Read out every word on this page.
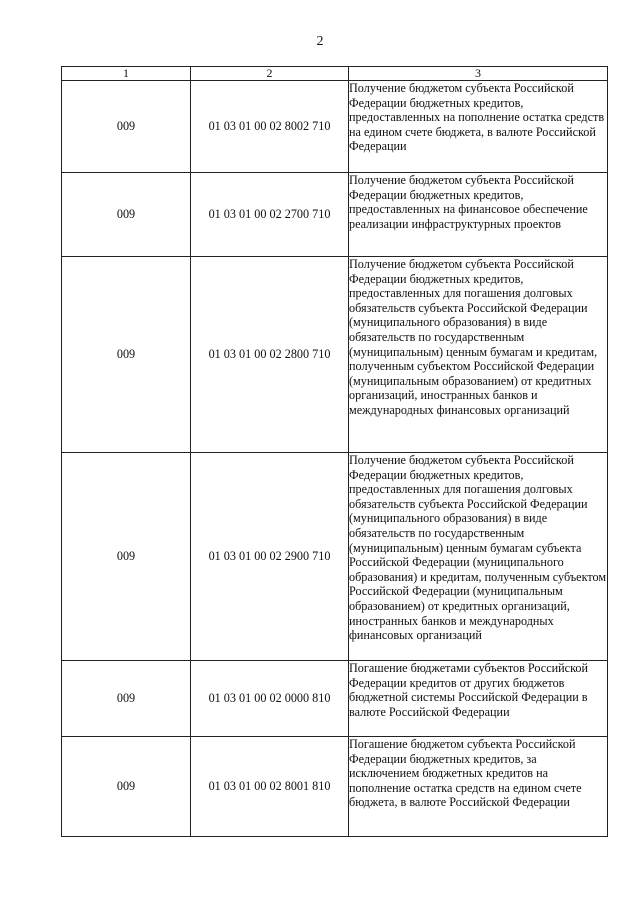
2
1	2	3
009	01 03 01 00 02 8002 710	Получение бюджетом субъекта Российской Федерации бюджетных кредитов, предоставленных на пополнение остатка средств на едином счете бюджета, в валюте Российской Федерации
009	01 03 01 00 02 2700 710	Получение бюджетом субъекта Российской Федерации бюджетных кредитов, предоставленных на финансовое обеспечение реализации инфраструктурных проектов
009	01 03 01 00 02 2800 710	Получение бюджетом субъекта Российской Федерации бюджетных кредитов, предоставленных для погашения долговых обязательств субъекта Российской Федерации (муниципального образования) в виде обязательств по государственным (муниципальным) ценным бумагам и кредитам, полученным субъектом Российской Федерации (муниципальным образованием) от кредитных организаций, иностранных банков и международных финансовых организаций
009	01 03 01 00 02 2900 710	Получение бюджетом субъекта Российской Федерации бюджетных кредитов, предоставленных для погашения долговых обязательств субъекта Российской Федерации (муниципального образования) в виде обязательств по государственным (муниципальным) ценным бумагам субъекта Российской Федерации (муниципального образования) и кредитам, полученным субъектом Российской Федерации (муниципальным образованием) от кредитных организаций, иностранных банков и международных финансовых организаций
009	01 03 01 00 02 0000 810	Погашение бюджетами субъектов Российской Федерации кредитов от других бюджетов бюджетной системы Российской Федерации в валюте Российской Федерации
009	01 03 01 00 02 8001 810	Погашение бюджетом субъекта Российской Федерации бюджетных кредитов, за исключением бюджетных кредитов на пополнение остатка средств на едином счете бюджета, в валюте Российской Федерации
